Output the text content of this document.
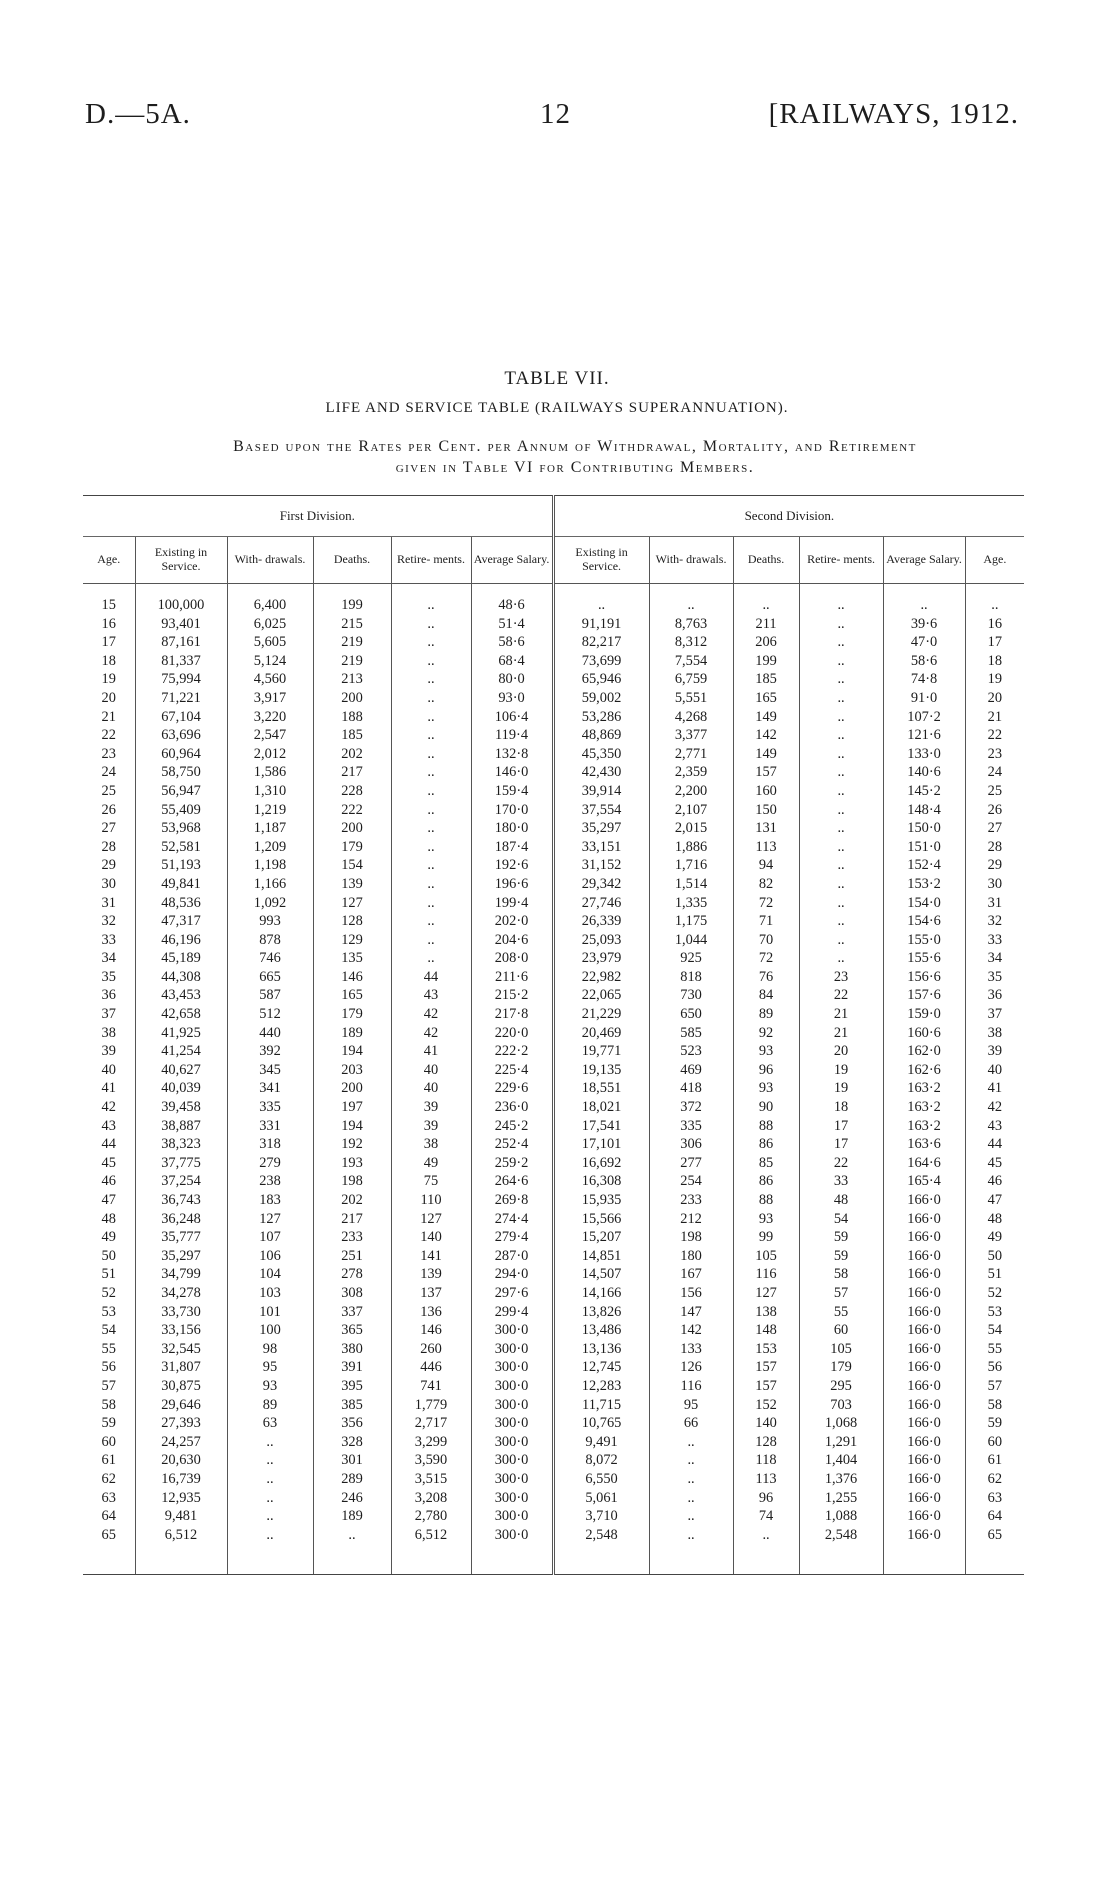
D.—5A.	12	[RAILWAYS, 1912.
TABLE VII.
LIFE AND SERVICE TABLE (RAILWAYS SUPERANNUATION).
Based upon the Rates per Cent. per Annum of Withdrawal, Mortality, and Retirement
given in Table VI for Contributing Members.
First Division.						Second Division.					
Age.	Existing in Service.	With- drawals.	Deaths.	Retire- ments.	Average Salary.	Existing in Service.	With- drawals.	Deaths.	Retire- ments.	Average Salary.	Age.
15	100,000	6,400	199	..	48·6	..	..	..	..	..	..
16	93,401	6,025	215	..	51·4	91,191	8,763	211	..	39·6	16
17	87,161	5,605	219	..	58·6	82,217	8,312	206	..	47·0	17
18	81,337	5,124	219	..	68·4	73,699	7,554	199	..	58·6	18
19	75,994	4,560	213	..	80·0	65,946	6,759	185	..	74·8	19
20	71,221	3,917	200	..	93·0	59,002	5,551	165	..	91·0	20
21	67,104	3,220	188	..	106·4	53,286	4,268	149	..	107·2	21
22	63,696	2,547	185	..	119·4	48,869	3,377	142	..	121·6	22
23	60,964	2,012	202	..	132·8	45,350	2,771	149	..	133·0	23
24	58,750	1,586	217	..	146·0	42,430	2,359	157	..	140·6	24
25	56,947	1,310	228	..	159·4	39,914	2,200	160	..	145·2	25
26	55,409	1,219	222	..	170·0	37,554	2,107	150	..	148·4	26
27	53,968	1,187	200	..	180·0	35,297	2,015	131	..	150·0	27
28	52,581	1,209	179	..	187·4	33,151	1,886	113	..	151·0	28
29	51,193	1,198	154	..	192·6	31,152	1,716	94	..	152·4	29
30	49,841	1,166	139	..	196·6	29,342	1,514	82	..	153·2	30
31	48,536	1,092	127	..	199·4	27,746	1,335	72	..	154·0	31
32	47,317	993	128	..	202·0	26,339	1,175	71	..	154·6	32
33	46,196	878	129	..	204·6	25,093	1,044	70	..	155·0	33
34	45,189	746	135	..	208·0	23,979	925	72	..	155·6	34
35	44,308	665	146	44	211·6	22,982	818	76	23	156·6	35
36	43,453	587	165	43	215·2	22,065	730	84	22	157·6	36
37	42,658	512	179	42	217·8	21,229	650	89	21	159·0	37
38	41,925	440	189	42	220·0	20,469	585	92	21	160·6	38
39	41,254	392	194	41	222·2	19,771	523	93	20	162·0	39
40	40,627	345	203	40	225·4	19,135	469	96	19	162·6	40
41	40,039	341	200	40	229·6	18,551	418	93	19	163·2	41
42	39,458	335	197	39	236·0	18,021	372	90	18	163·2	42
43	38,887	331	194	39	245·2	17,541	335	88	17	163·2	43
44	38,323	318	192	38	252·4	17,101	306	86	17	163·6	44
45	37,775	279	193	49	259·2	16,692	277	85	22	164·6	45
46	37,254	238	198	75	264·6	16,308	254	86	33	165·4	46
47	36,743	183	202	110	269·8	15,935	233	88	48	166·0	47
48	36,248	127	217	127	274·4	15,566	212	93	54	166·0	48
49	35,777	107	233	140	279·4	15,207	198	99	59	166·0	49
50	35,297	106	251	141	287·0	14,851	180	105	59	166·0	50
51	34,799	104	278	139	294·0	14,507	167	116	58	166·0	51
52	34,278	103	308	137	297·6	14,166	156	127	57	166·0	52
53	33,730	101	337	136	299·4	13,826	147	138	55	166·0	53
54	33,156	100	365	146	300·0	13,486	142	148	60	166·0	54
55	32,545	98	380	260	300·0	13,136	133	153	105	166·0	55
56	31,807	95	391	446	300·0	12,745	126	157	179	166·0	56
57	30,875	93	395	741	300·0	12,283	116	157	295	166·0	57
58	29,646	89	385	1,779	300·0	11,715	95	152	703	166·0	58
59	27,393	63	356	2,717	300·0	10,765	66	140	1,068	166·0	59
60	24,257	..	328	3,299	300·0	9,491	..	128	1,291	166·0	60
61	20,630	..	301	3,590	300·0	8,072	..	118	1,404	166·0	61
62	16,739	..	289	3,515	300·0	6,550	..	113	1,376	166·0	62
63	12,935	..	246	3,208	300·0	5,061	..	96	1,255	166·0	63
64	9,481	..	189	2,780	300·0	3,710	..	74	1,088	166·0	64
65	6,512	..	..	6,512	300·0	2,548	..	..	2,548	166·0	65
